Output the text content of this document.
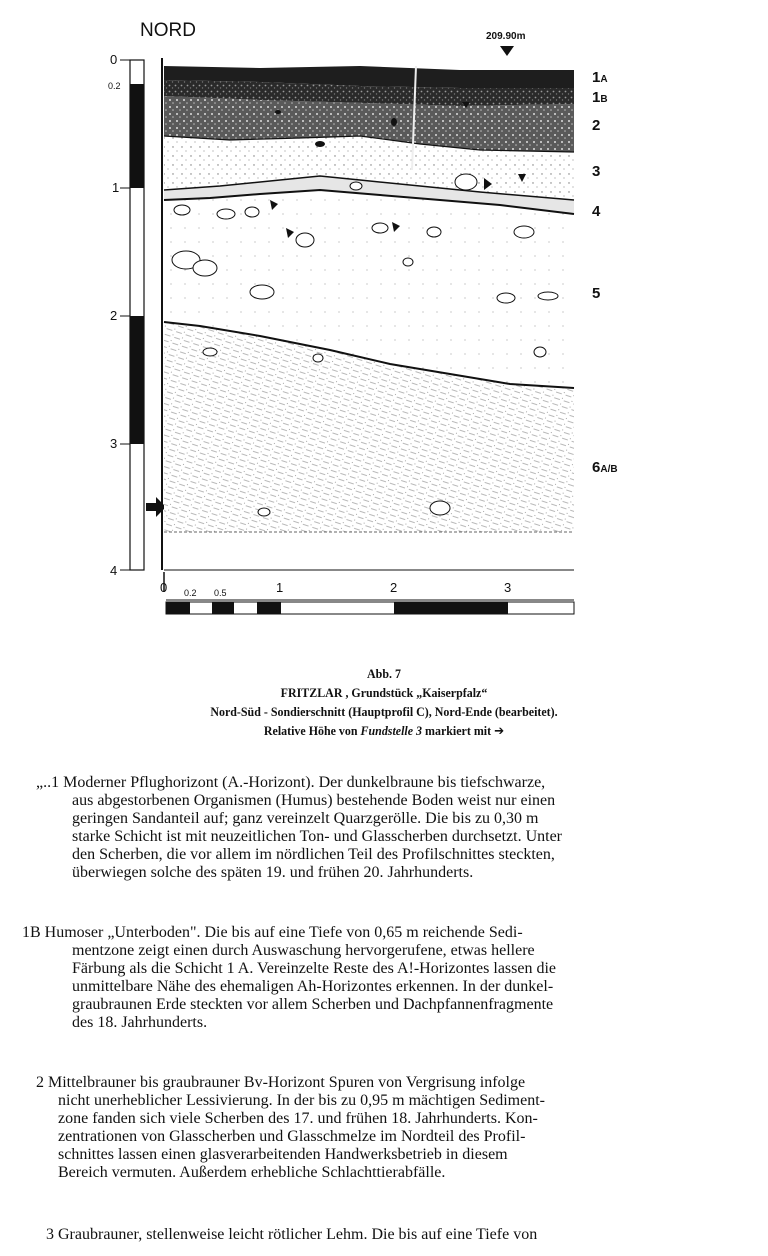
NORD	209.90m
0
0.2
1
2
3
4
1A
1B
2
3
4
5
6A/B
0 0.2 0.5	1	2	3
Abb. 7
FRITZLAR , Grundstück „Kaiserpfalz“
Nord-Süd - Sondierschnitt (Hauptprofil C), Nord-Ende (bearbeitet).
Relative Höhe von Fundstelle 3 markiert mit ➔
„..1 Moderner Pflughorizont (A.-Horizont). Der dunkelbraune bis tiefschwarze,
aus abgestorbenen Organismen (Humus) bestehende Boden weist nur einen
geringen Sandanteil auf; ganz vereinzelt Quarzgerölle. Die bis zu 0,30 m
starke Schicht ist mit neuzeitlichen Ton- und Glasscherben durchsetzt. Unter
den Scherben, die vor allem im nördlichen Teil des Profilschnittes steckten,
überwiegen solche des späten 19. und frühen 20. Jahrhunderts.
1B Humoser „Unterboden". Die bis auf eine Tiefe von 0,65 m reichende Sedi-
mentzone zeigt einen durch Auswaschung hervorgerufene, etwas hellere
Färbung als die Schicht 1 A. Vereinzelte Reste des A!-Horizontes lassen die
unmittelbare Nähe des ehemaligen Ah-Horizontes erkennen. In der dunkel-
graubraunen Erde steckten vor allem Scherben und Dachpfannenfragmente
des 18. Jahrhunderts.
2 Mittelbrauner bis graubrauner Bv-Horizont Spuren von Vergrisung infolge
nicht unerheblicher Lessivierung. In der bis zu 0,95 m mächtigen Sediment-
zone fanden sich viele Scherben des 17. und frühen 18. Jahrhunderts. Kon-
zentrationen von Glasscherben und Glasschmelze im Nordteil des Profil-
schnittes lassen einen glasverarbeitenden Handwerksbetrieb in diesem
Bereich vermuten. Außerdem erhebliche Schlachttierabfälle.
3 Graubrauner, stellenweise leicht rötlicher Lehm. Die bis auf eine Tiefe von
